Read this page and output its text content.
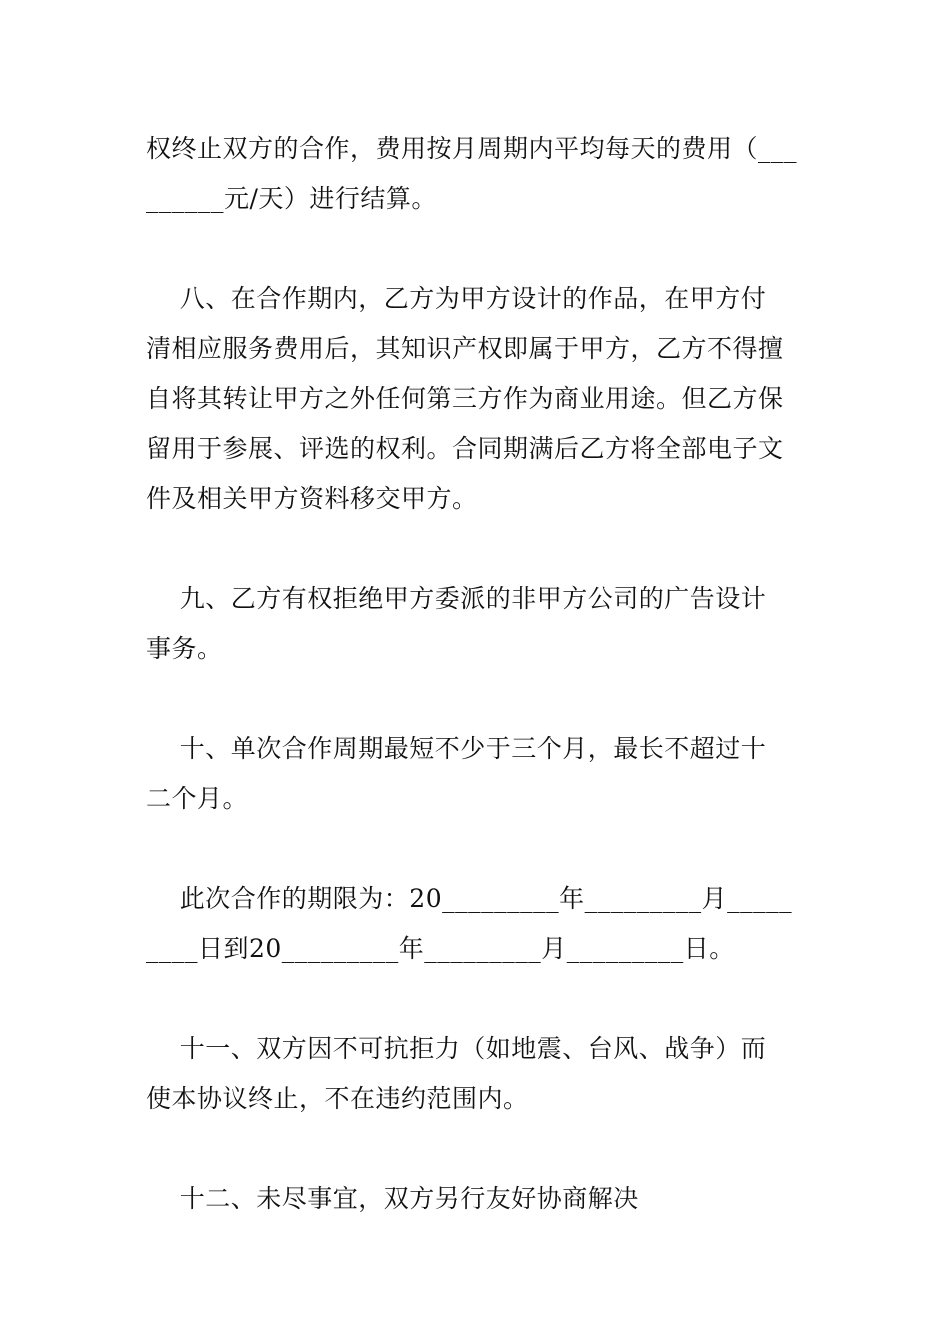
权终止双方的合作，费用按月周期内平均每天的费用（___
______元/天）进行结算。
八、在合作期内，乙方为甲方设计的作品，在甲方付
清相应服务费用后，其知识产权即属于甲方，乙方不得擅
自将其转让甲方之外任何第三方作为商业用途。但乙方保
留用于参展、评选的权利。合同期满后乙方将全部电子文
件及相关甲方资料移交甲方。
九、乙方有权拒绝甲方委派的非甲方公司的广告设计
事务。
十、单次合作周期最短不少于三个月，最长不超过十
二个月。
此次合作的期限为：20_________年_________月_____
____日到20_________年_________月_________日。
十一、双方因不可抗拒力（如地震、台风、战争）而
使本协议终止，不在违约范围内。
十二、未尽事宜，双方另行友好协商解决
